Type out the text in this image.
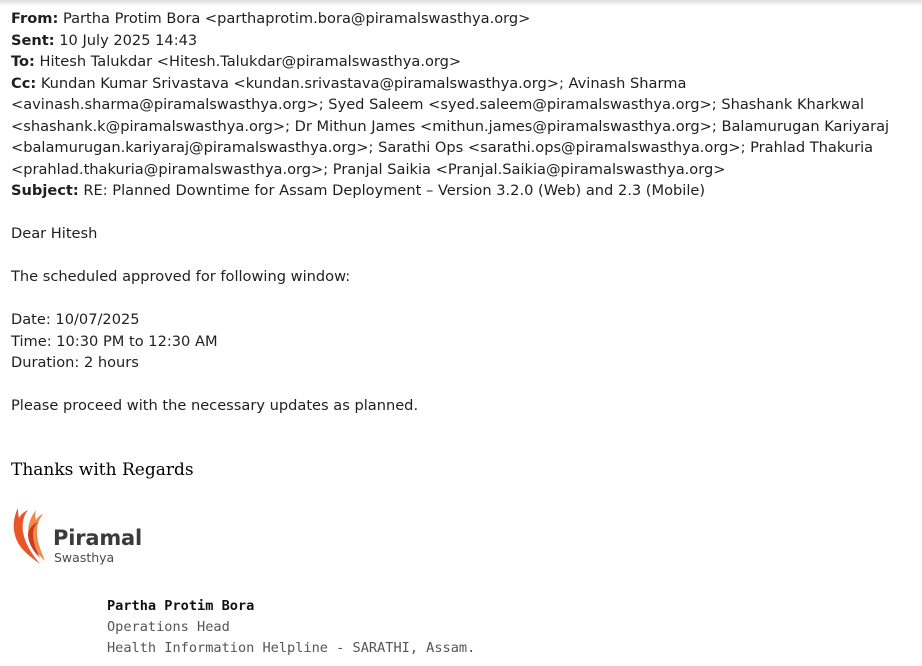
From: Partha Protim Bora <parthaprotim.bora@piramalswasthya.org>
Sent: 10 July 2025 14:43
To: Hitesh Talukdar <Hitesh.Talukdar@piramalswasthya.org>
Cc: Kundan Kumar Srivastava <kundan.srivastava@piramalswasthya.org>; Avinash Sharma
<avinash.sharma@piramalswasthya.org>; Syed Saleem <syed.saleem@piramalswasthya.org>; Shashank Kharkwal
<shashank.k@piramalswasthya.org>; Dr Mithun James <mithun.james@piramalswasthya.org>; Balamurugan Kariyaraj
<balamurugan.kariyaraj@piramalswasthya.org>; Sarathi Ops <sarathi.ops@piramalswasthya.org>; Prahlad Thakuria
<prahlad.thakuria@piramalswasthya.org>; Pranjal Saikia <Pranjal.Saikia@piramalswasthya.org>
Subject: RE: Planned Downtime for Assam Deployment – Version 3.2.0 (Web) and 2.3 (Mobile)
Dear Hitesh
The scheduled approved for following window:
Date: 10/07/2025
Time: 10:30 PM to 12:30 AM
Duration: 2 hours
Please proceed with the necessary updates as planned.
Thanks with Regards
Piramal
Swasthya
Partha Protim Bora
Operations Head
Health Information Helpline - SARATHI, Assam.
